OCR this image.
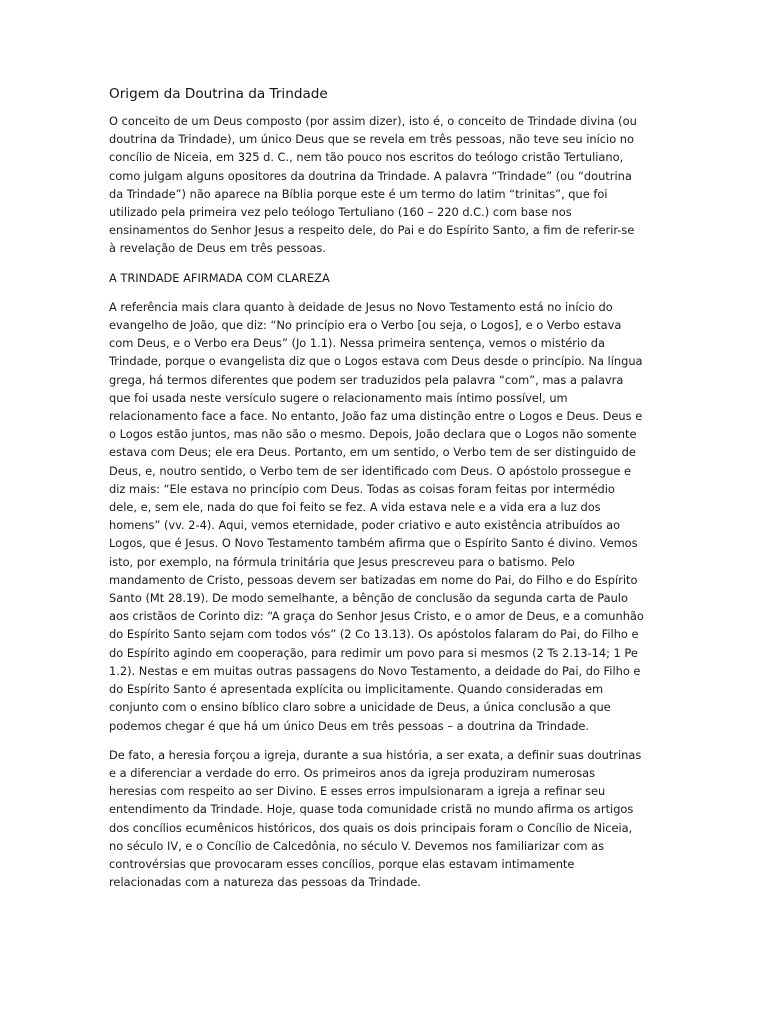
Origem da Doutrina da Trindade
O conceito de um Deus composto (por assim dizer), isto é, o conceito de Trindade divina (ou
doutrina da Trindade), um único Deus que se revela em três pessoas, não teve seu início no
concílio de Niceia, em 325 d. C., nem tão pouco nos escritos do teólogo cristão Tertuliano,
como julgam alguns opositores da doutrina da Trindade. A palavra “Trindade” (ou “doutrina
da Trindade”) não aparece na Bíblia porque este é um termo do latim “trinitas”, que foi
utilizado pela primeira vez pelo teólogo Tertuliano (160 – 220 d.C.) com base nos
ensinamentos do Senhor Jesus a respeito dele, do Pai e do Espírito Santo, a fim de referir-se
à revelação de Deus em três pessoas.
A TRINDADE AFIRMADA COM CLAREZA
A referência mais clara quanto à deidade de Jesus no Novo Testamento está no início do
evangelho de João, que diz: “No princípio era o Verbo [ou seja, o Logos], e o Verbo estava
com Deus, e o Verbo era Deus” (Jo 1.1). Nessa primeira sentença, vemos o mistério da
Trindade, porque o evangelista diz que o Logos estava com Deus desde o princípio. Na língua
grega, há termos diferentes que podem ser traduzidos pela palavra “com”, mas a palavra
que foi usada neste versículo sugere o relacionamento mais íntimo possível, um
relacionamento face a face. No entanto, João faz uma distinção entre o Logos e Deus. Deus e
o Logos estão juntos, mas não são o mesmo. Depois, João declara que o Logos não somente
estava com Deus; ele era Deus. Portanto, em um sentido, o Verbo tem de ser distinguido de
Deus, e, noutro sentido, o Verbo tem de ser identificado com Deus. O apóstolo prossegue e
diz mais: “Ele estava no princípio com Deus. Todas as coisas foram feitas por intermédio
dele, e, sem ele, nada do que foi feito se fez. A vida estava nele e a vida era a luz dos
homens” (vv. 2-4). Aqui, vemos eternidade, poder criativo e auto existência atribuídos ao
Logos, que é Jesus. O Novo Testamento também afirma que o Espírito Santo é divino. Vemos
isto, por exemplo, na fórmula trinitária que Jesus prescreveu para o batismo. Pelo
mandamento de Cristo, pessoas devem ser batizadas em nome do Pai, do Filho e do Espírito
Santo (Mt 28.19). De modo semelhante, a bênção de conclusão da segunda carta de Paulo
aos cristãos de Corinto diz: “A graça do Senhor Jesus Cristo, e o amor de Deus, e a comunhão
do Espírito Santo sejam com todos vós” (2 Co 13.13). Os apóstolos falaram do Pai, do Filho e
do Espírito agindo em cooperação, para redimir um povo para si mesmos (2 Ts 2.13-14; 1 Pe
1.2). Nestas e em muitas outras passagens do Novo Testamento, a deidade do Pai, do Filho e
do Espírito Santo é apresentada explícita ou implicitamente. Quando consideradas em
conjunto com o ensino bíblico claro sobre a unicidade de Deus, a única conclusão a que
podemos chegar é que há um único Deus em três pessoas – a doutrina da Trindade.
De fato, a heresia forçou a igreja, durante a sua história, a ser exata, a definir suas doutrinas
e a diferenciar a verdade do erro. Os primeiros anos da igreja produziram numerosas
heresias com respeito ao ser Divino. E esses erros impulsionaram a igreja a refinar seu
entendimento da Trindade. Hoje, quase toda comunidade cristã no mundo afirma os artigos
dos concílios ecumênicos históricos, dos quais os dois principais foram o Concílio de Niceia,
no século IV, e o Concílio de Calcedônia, no século V. Devemos nos familiarizar com as
controvérsias que provocaram esses concílios, porque elas estavam intimamente
relacionadas com a natureza das pessoas da Trindade.
